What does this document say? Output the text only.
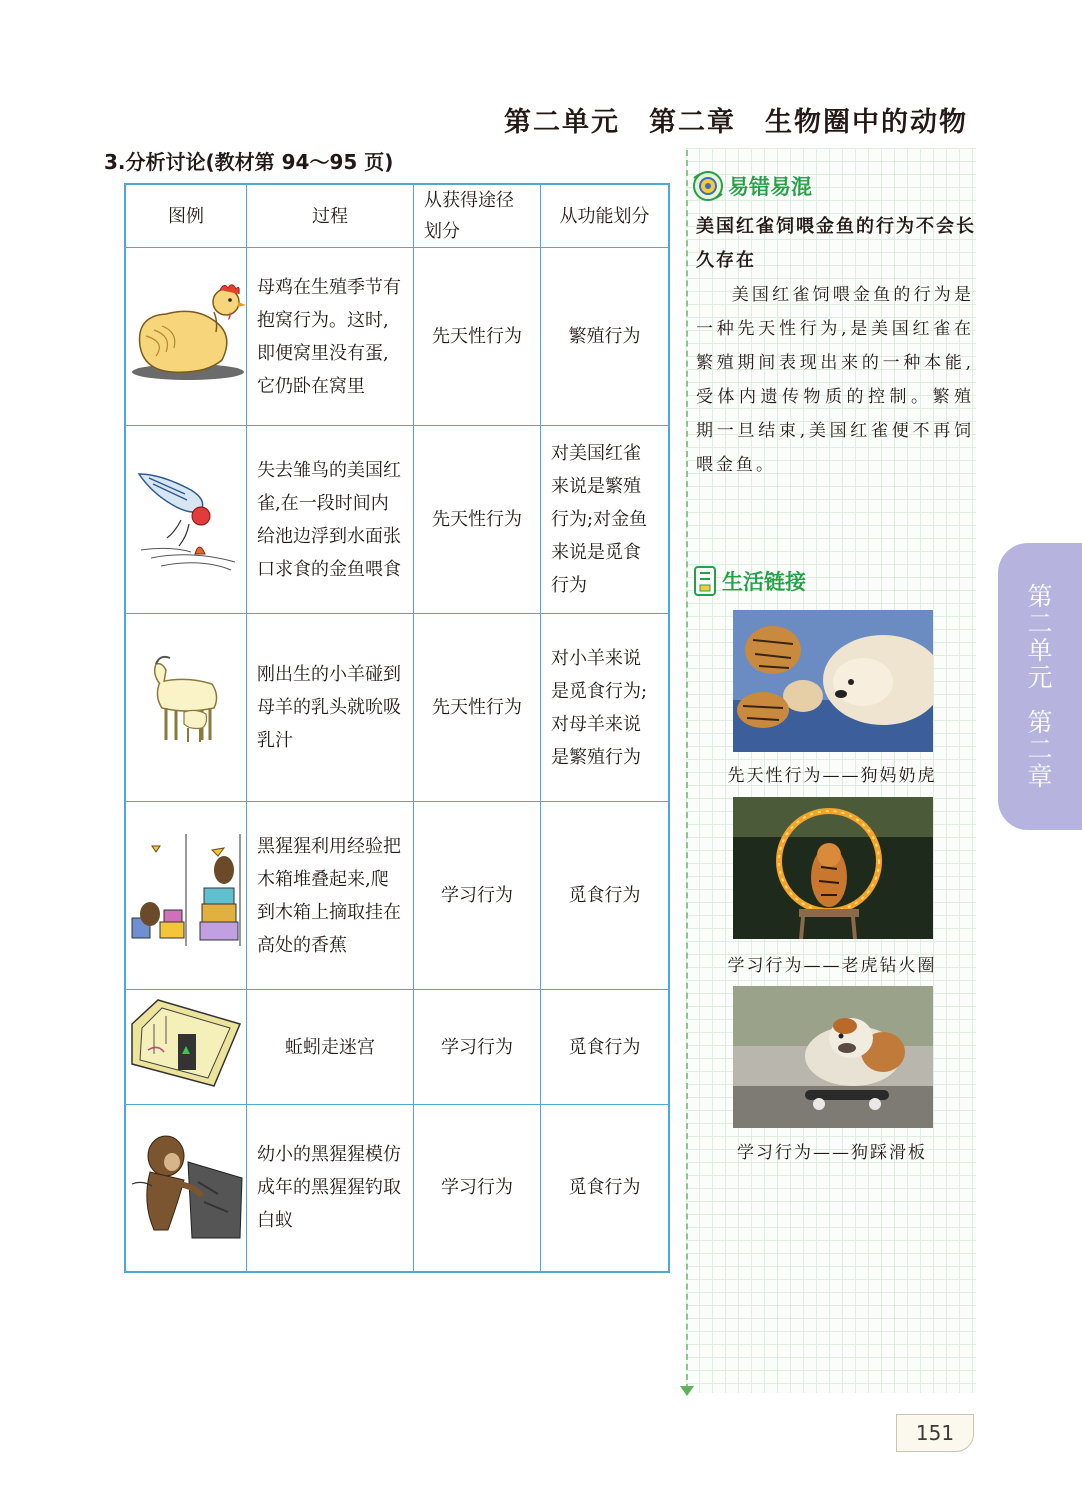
第二单元　第二章　生物圈中的动物
3.分析讨论(教材第 94～95 页)
图例	过程	从获得途径划分	从功能划分
	母鸡在生殖季节有抱窝行为。这时,即便窝里没有蛋,它仍卧在窝里	先天性行为	繁殖行为
	失去雏鸟的美国红雀,在一段时间内给池边浮到水面张口求食的金鱼喂食	先天性行为	对美国红雀来说是繁殖行为;对金鱼来说是觅食行为
	刚出生的小羊碰到母羊的乳头就吮吸乳汁	先天性行为	对小羊来说是觅食行为;对母羊来说是繁殖行为
	黑猩猩利用经验把木箱堆叠起来,爬到木箱上摘取挂在高处的香蕉	学习行为	觅食行为
	蚯蚓走迷宫	学习行为	觅食行为
	幼小的黑猩猩模仿成年的黑猩猩钓取白蚁	学习行为	觅食行为
易错易混
美国红雀饲喂金鱼的行为不会长久存在
美国红雀饲喂金鱼的行为是一种先天性行为,是美国红雀在繁殖期间表现出来的一种本能,受体内遗传物质的控制。繁殖期一旦结束,美国红雀便不再饲喂金鱼。
生活链接
先天性行为——狗妈奶虎
学习行为——老虎钻火圈
学习行为——狗踩滑板
第
二
单
元
第
二
章
151
